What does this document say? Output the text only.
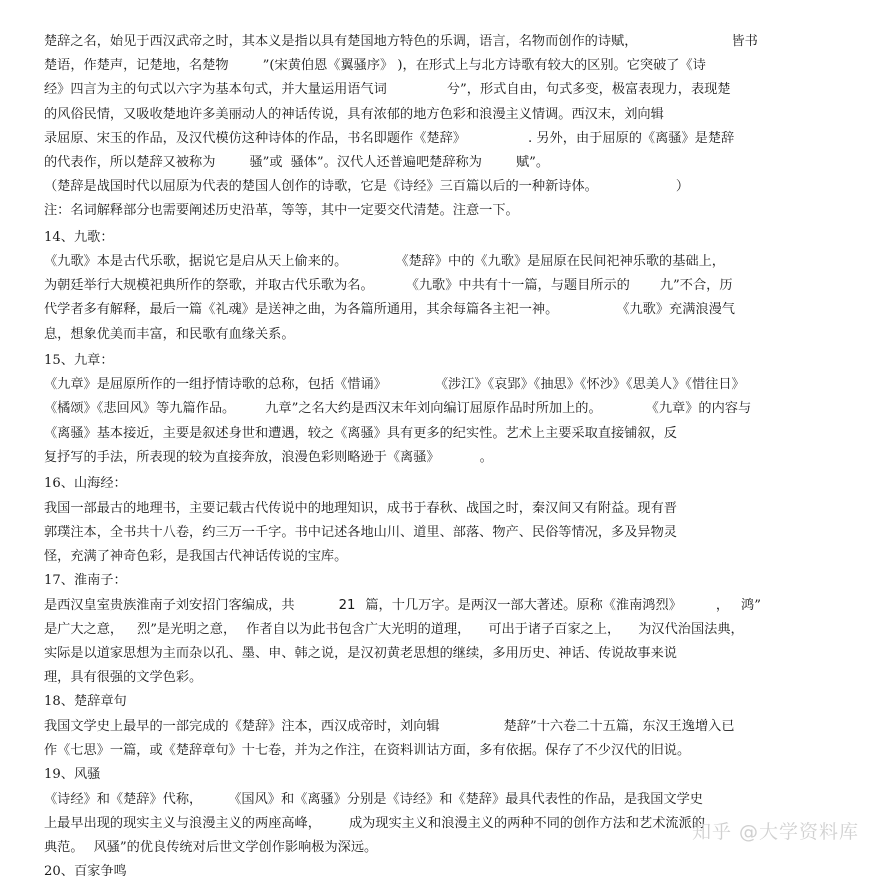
楚辞之名，始见于西汉武帝之时，其本义是指以具有楚国地方特色的乐调，语言，名物而创作的诗赋，	皆书
楚语，作楚声，记楚地，名楚物	”(宋黄伯恩《翼骚序》 )，在形式上与北方诗歌有较大的区别。它突破了《诗
经》四言为主的句式以六字为基本句式，并大量运用语气词	兮”，形式自由，句式多变，极富表现力，表现楚
的风俗民情，又吸收楚地许多美丽动人的神话传说，具有浓郁的地方色彩和浪漫主义情调。西汉末，刘向辑
录屈原、宋玉的作品，及汉代模仿这种诗体的作品，书名即题作《楚辞》	. 另外，由于屈原的《离骚》是楚辞
的代表作，所以楚辞又被称为	骚”或 骚体”。汉代人还普遍吧楚辞称为	赋”。
（楚辞是战国时代以屈原为代表的楚国人创作的诗歌，它是《诗经》三百篇以后的一种新诗体。	）
注：名词解释部分也需要阐述历史沿革，等等，其中一定要交代清楚。注意一下。
14、九歌：
《九歌》本是古代乐歌，据说它是启从天上偷来的。	《楚辞》中的《九歌》是屈原在民间祀神乐歌的基础上，
为朝廷举行大规模祀典所作的祭歌，并取古代乐歌为名。 《九歌》中共有十一篇，与题目所示的 九”不合，历
代学者多有解释，最后一篇《礼魂》是送神之曲，为各篇所通用，其余每篇各主祀一神。	《九歌》充满浪漫气
息，想象优美而丰富，和民歌有血缘关系。
15、九章：
《九章》是屈原所作的一组抒情诗歌的总称，包括《惜诵》	《涉江》《哀郢》《抽思》《怀沙》《思美人》《惜往日》
《橘颂》《悲回风》等九篇作品。 九章”之名大约是西汉末年刘向编订屈原作品时所加上的。	《九章》的内容与
《离骚》基本接近，主要是叙述身世和遭遇，较之《离骚》具有更多的纪实性。艺术上主要采取直接铺叙，反
复抒写的手法，所表现的较为直接奔放，浪漫色彩则略逊于《离骚》	。
16、山海经：
我国一部最古的地理书，主要记载古代传说中的地理知识，成书于春秋、战国之时，秦汉间又有附益。现有晋
郭璞注本，全书共十八卷，约三万一千字。书中记述各地山川、道里、部落、物产、民俗等情况，多及异物灵
怪，充满了神奇色彩，是我国古代神话传说的宝库。
17、淮南子：
是西汉皇室贵族淮南子刘安招门客编成，共	21 篇，十几万字。是两汉一部大著述。原称《淮南鸿烈》	， 鸿”
是广大之意， 烈”是光明之意， 作者自以为此书包含广大光明的道理， 可出于诸子百家之上， 为汉代治国法典，
实际是以道家思想为主而杂以孔、墨、申、韩之说，是汉初黄老思想的继续，多用历史、神话、传说故事来说
理，具有很强的文学色彩。
18、楚辞章句
我国文学史上最早的一部完成的《楚辞》注本，西汉成帝时，刘向辑	楚辞”十六卷二十五篇，东汉王逸增入已
作《七思》一篇，或《楚辞章句》十七卷，并为之作注，在资料训诂方面，多有依据。保存了不少汉代的旧说。
19、风骚
《诗经》和《楚辞》代称， 《国风》和《离骚》分别是《诗经》和《楚辞》最具代表性的作品，是我国文学史
上最早出现的现实主义与浪漫主义的两座高峰， 成为现实主义和浪漫主义的两种不同的创作方法和艺术流派的
典范。 风骚”的优良传统对后世文学创作影响极为深远。
20、百家争鸣
知乎 @大学资料库
